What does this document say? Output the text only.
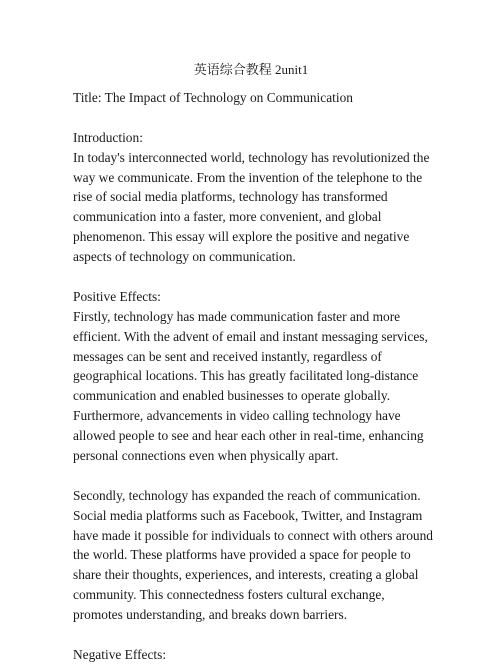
英语综合教程 2unit1
Title: The Impact of Technology on Communication
Introduction:
In today's interconnected world, technology has revolutionized the
way we communicate. From the invention of the telephone to the
rise of social media platforms, technology has transformed
communication into a faster, more convenient, and global
phenomenon. This essay will explore the positive and negative
aspects of technology on communication.
Positive Effects:
Firstly, technology has made communication faster and more
efficient. With the advent of email and instant messaging services,
messages can be sent and received instantly, regardless of
geographical locations. This has greatly facilitated long-distance
communication and enabled businesses to operate globally.
Furthermore, advancements in video calling technology have
allowed people to see and hear each other in real-time, enhancing
personal connections even when physically apart.
Secondly, technology has expanded the reach of communication.
Social media platforms such as Facebook, Twitter, and Instagram
have made it possible for individuals to connect with others around
the world. These platforms have provided a space for people to
share their thoughts, experiences, and interests, creating a global
community. This connectedness fosters cultural exchange,
promotes understanding, and breaks down barriers.
Negative Effects:
